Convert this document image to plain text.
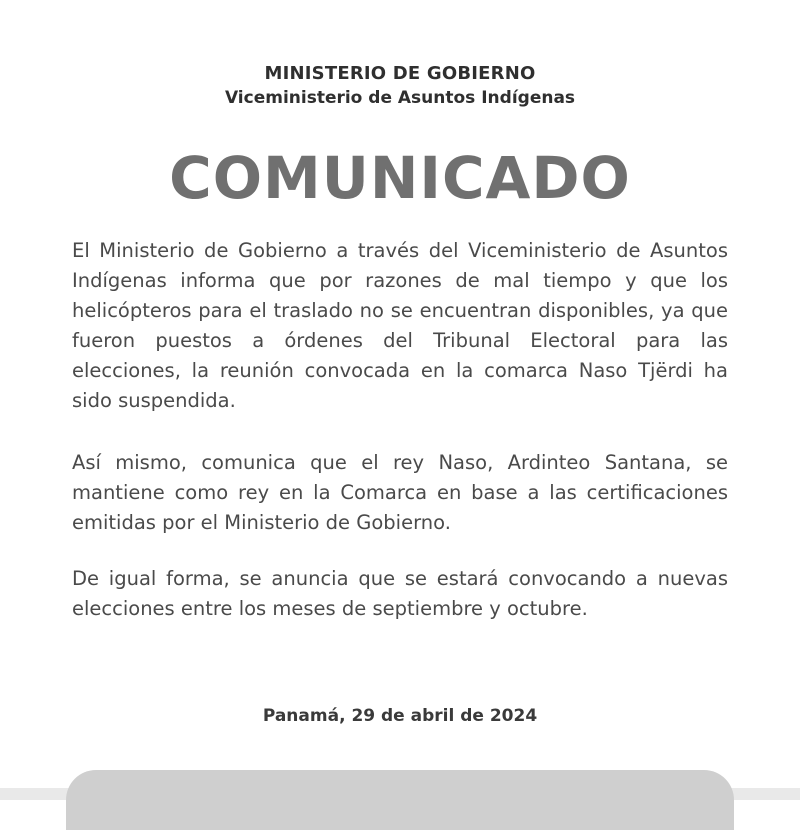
MINISTERIO DE GOBIERNO
Viceministerio de Asuntos Indígenas
COMUNICADO
El Ministerio de Gobierno a través del Viceministerio de Asuntos Indígenas informa que por razones de mal tiempo y que los helicópteros para el traslado no se encuentran disponibles, ya que fueron puestos a órdenes del Tribunal Electoral para las elecciones, la reunión convocada en la comarca Naso Tjërdi ha sido suspendida.
Así mismo, comunica que el rey Naso, Ardinteo Santana, se mantiene como rey en la Comarca en base a las certificaciones emitidas por el Ministerio de Gobierno.
De igual forma, se anuncia que se estará convocando a nuevas elecciones entre los meses de septiembre y octubre.
Panamá, 29 de abril de 2024
